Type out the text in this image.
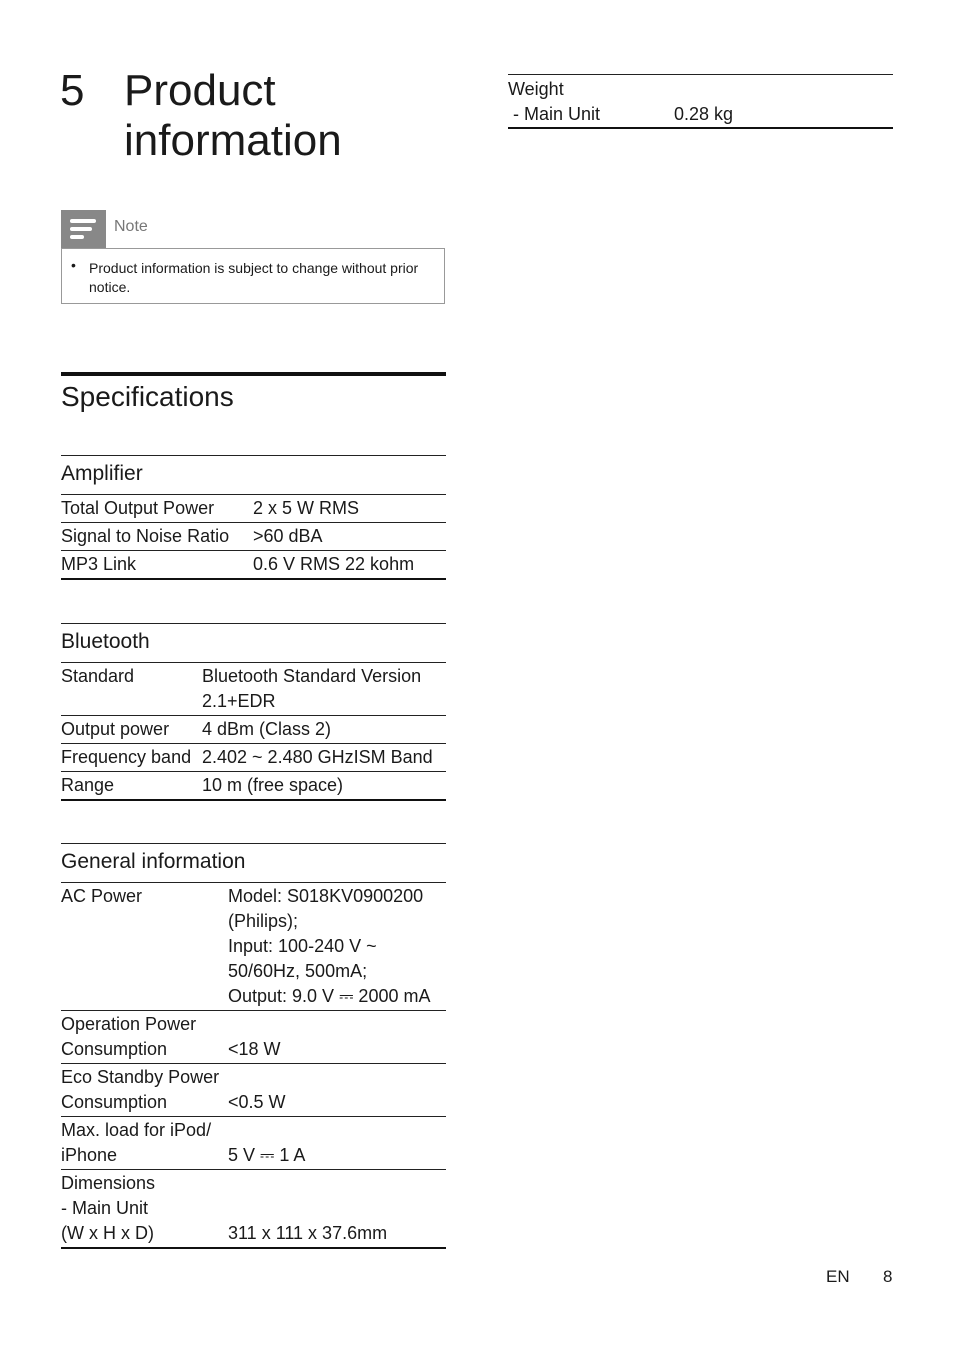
5 Product information
Note
• Product information is subject to change without prior notice.
Specifications
Amplifier
Total Output Power	2 x 5 W RMS
Signal to Noise Ratio	>60 dBA
MP3 Link	0.6 V RMS 22 kohm
Bluetooth
Standard	Bluetooth Standard Version
2.1+EDR
Output power	4 dBm (Class 2)
Frequency band 2.402 ~ 2.480 GHzISM Band
Range	10 m (free space)
General information
AC Power	Model: S018KV0900200
(Philips);
Input: 100-240 V ~
50/60Hz, 500mA;
Output: 9.0 V ⎓ 2000 mA
Operation Power
Consumption	<18 W
Eco Standby Power
Consumption	<0.5 W
Max. load for iPod/
iPhone	5 V ⎓ 1 A
Dimensions
- Main Unit
(W x H x D)	311 x 111 x 37.6mm
Weight
- Main Unit	0.28 kg
EN 8
